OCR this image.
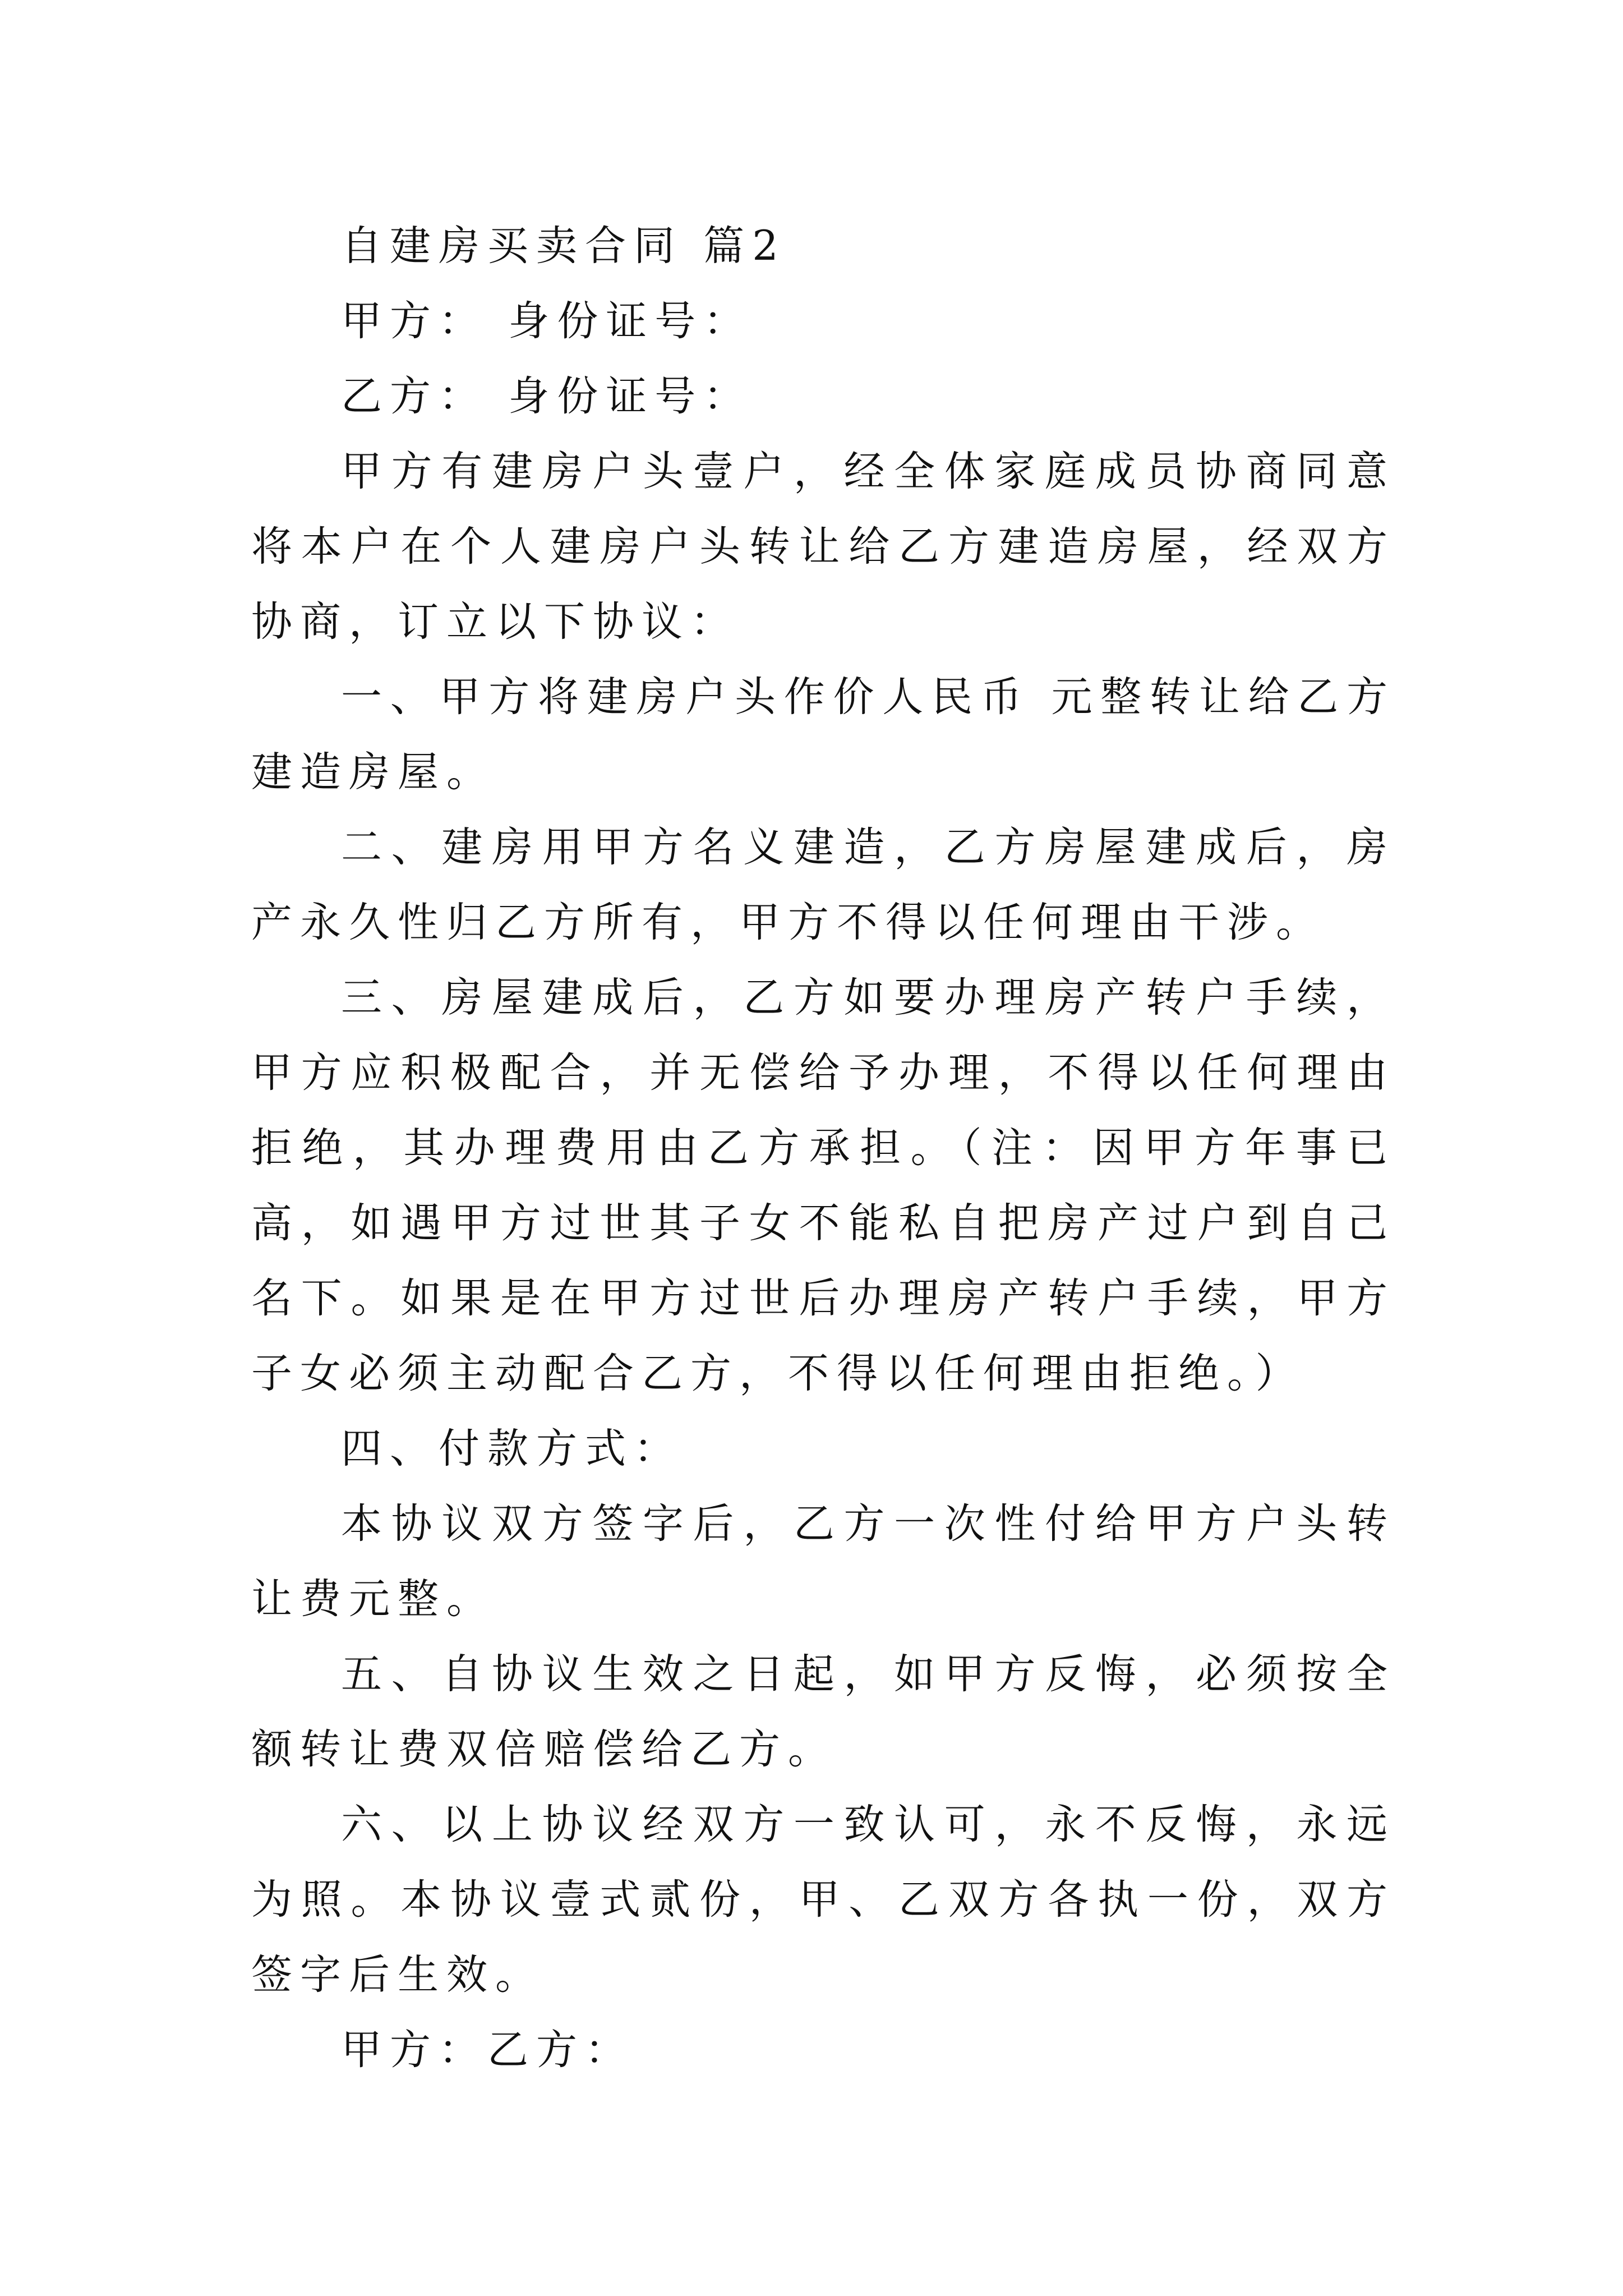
自建房买卖合同 篇2

甲方： 身份证号：

乙方： 身份证号：

甲方有建房户头壹户，经全体家庭成员协商同意将本户在个人建房户头转让给乙方建造房屋，经双方协商，订立以下协议：

一、甲方将建房户头作价人民币 元整转让给乙方建造房屋。

二、建房用甲方名义建造，乙方房屋建成后，房产永久性归乙方所有，甲方不得以任何理由干涉。

三、房屋建成后，乙方如要办理房产转户手续，甲方应积极配合，并无偿给予办理，不得以任何理由拒绝，其办理费用由乙方承担。（注：因甲方年事已高，如遇甲方过世其子女不能私自把房产过户到自己名下。如果是在甲方过世后办理房产转户手续，甲方子女必须主动配合乙方，不得以任何理由拒绝。）

四、付款方式：

本协议双方签字后，乙方一次性付给甲方户头转让费元整。

五、自协议生效之日起，如甲方反悔，必须按全额转让费双倍赔偿给乙方。

六、以上协议经双方一致认可，永不反悔，永远为照。本协议壹式贰份，甲、乙双方各执一份，双方签字后生效。

甲方：乙方：
